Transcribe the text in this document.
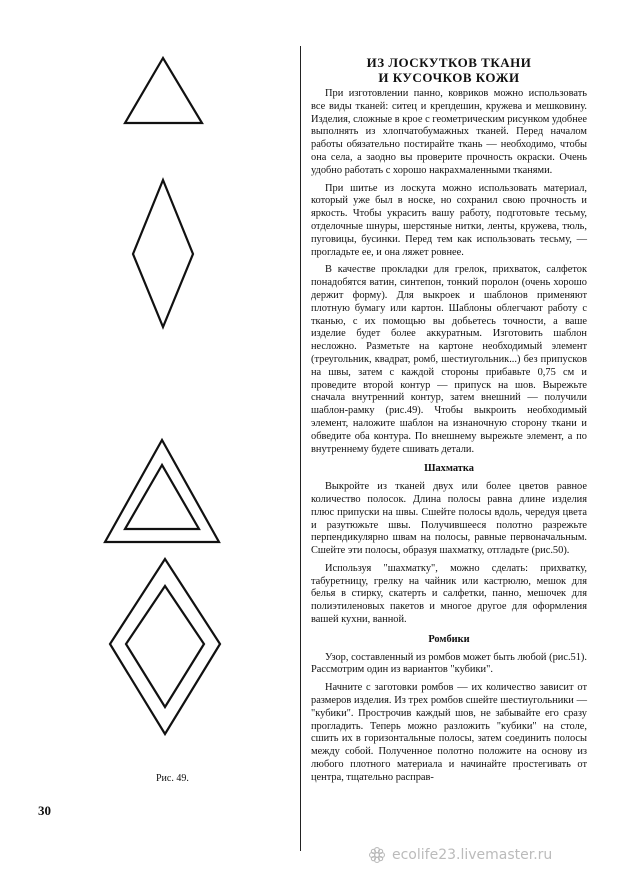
Рис. 49.
30
ИЗ ЛОСКУТКОВ ТКАНИ
И КУСОЧКОВ КОЖИ

При изготовлении панно, ковриков можно использовать все виды тканей: ситец и крепдешин, кружева и мешковину. Изделия, сложные в крое с геометрическим рисунком удобнее выполнять из хлопчатобумажных тканей. Перед началом работы обязательно постирайте ткань — необходимо, чтобы она села, а заодно вы проверите прочность окраски. Очень удобно работать с хорошо накрахмаленными тканями.

При шитье из лоскута можно использовать материал, который уже был в носке, но сохранил свою прочность и яркость. Чтобы украсить вашу работу, подготовьте тесьму, отделочные шнуры, шерстяные нитки, ленты, кружева, тюль, пуговицы, бусинки. Перед тем как использовать тесьму, — прогладьте ее, и она ляжет ровнее.

В качестве прокладки для грелок, прихваток, салфеток понадобятся ватин, синтепон, тонкий поролон (очень хорошо держит форму). Для выкроек и шаблонов применяют плотную бумагу или картон. Шаблоны облегчают работу с тканью, с их помощью вы добьетесь точности, а ваше изделие будет более аккуратным. Изготовить шаблон несложно. Разметьте на картоне необходимый элемент (треугольник, квадрат, ромб, шестиугольник...) без припусков на швы, затем с каждой стороны прибавьте 0,75 см и проведите второй контур — припуск на шов. Вырежьте сначала внутренний контур, затем внешний — получили шаблон-рамку (рис.49). Чтобы выкроить необходимый элемент, наложите шаблон на изнаночную сторону ткани и обведите оба контура. По внешнему вырежьте элемент, а по внутреннему будете сшивать детали.

Шахматка

Выкройте из тканей двух или более цветов равное количество полосок. Длина полосы равна длине изделия плюс припуски на швы. Сшейте полосы вдоль, чередуя цвета и разутюжьте швы. Получившееся полотно разрежьте перпендикулярно швам на полосы, равные первоначальным. Сшейте эти полосы, образуя шахматку, отгладьте (рис.50).

Используя "шахматку", можно сделать: прихватку, табуретницу, грелку на чайник или кастрюлю, мешок для белья в стирку, скатерть и салфетки, панно, мешочек для полиэтиленовых пакетов и многое другое для оформления вашей кухни, ванной.

Ромбики

Узор, составленный из ромбов может быть любой (рис.51). Рассмотрим один из вариантов "кубики".

Начните с заготовки ромбов — их количество зависит от размеров изделия. Из трех ромбов сшейте шестиугольники — "кубики". Прострочив каждый шов, не забывайте его сразу прогладить. Теперь можно разложить "кубики" на столе, сшить их в горизонтальные полосы, затем соединить полосы между собой. Полученное полотно положите на основу из любого плотного материала и начинайте простегивать от центра, тщательно расправ-

ecolife23.livemaster.ru
